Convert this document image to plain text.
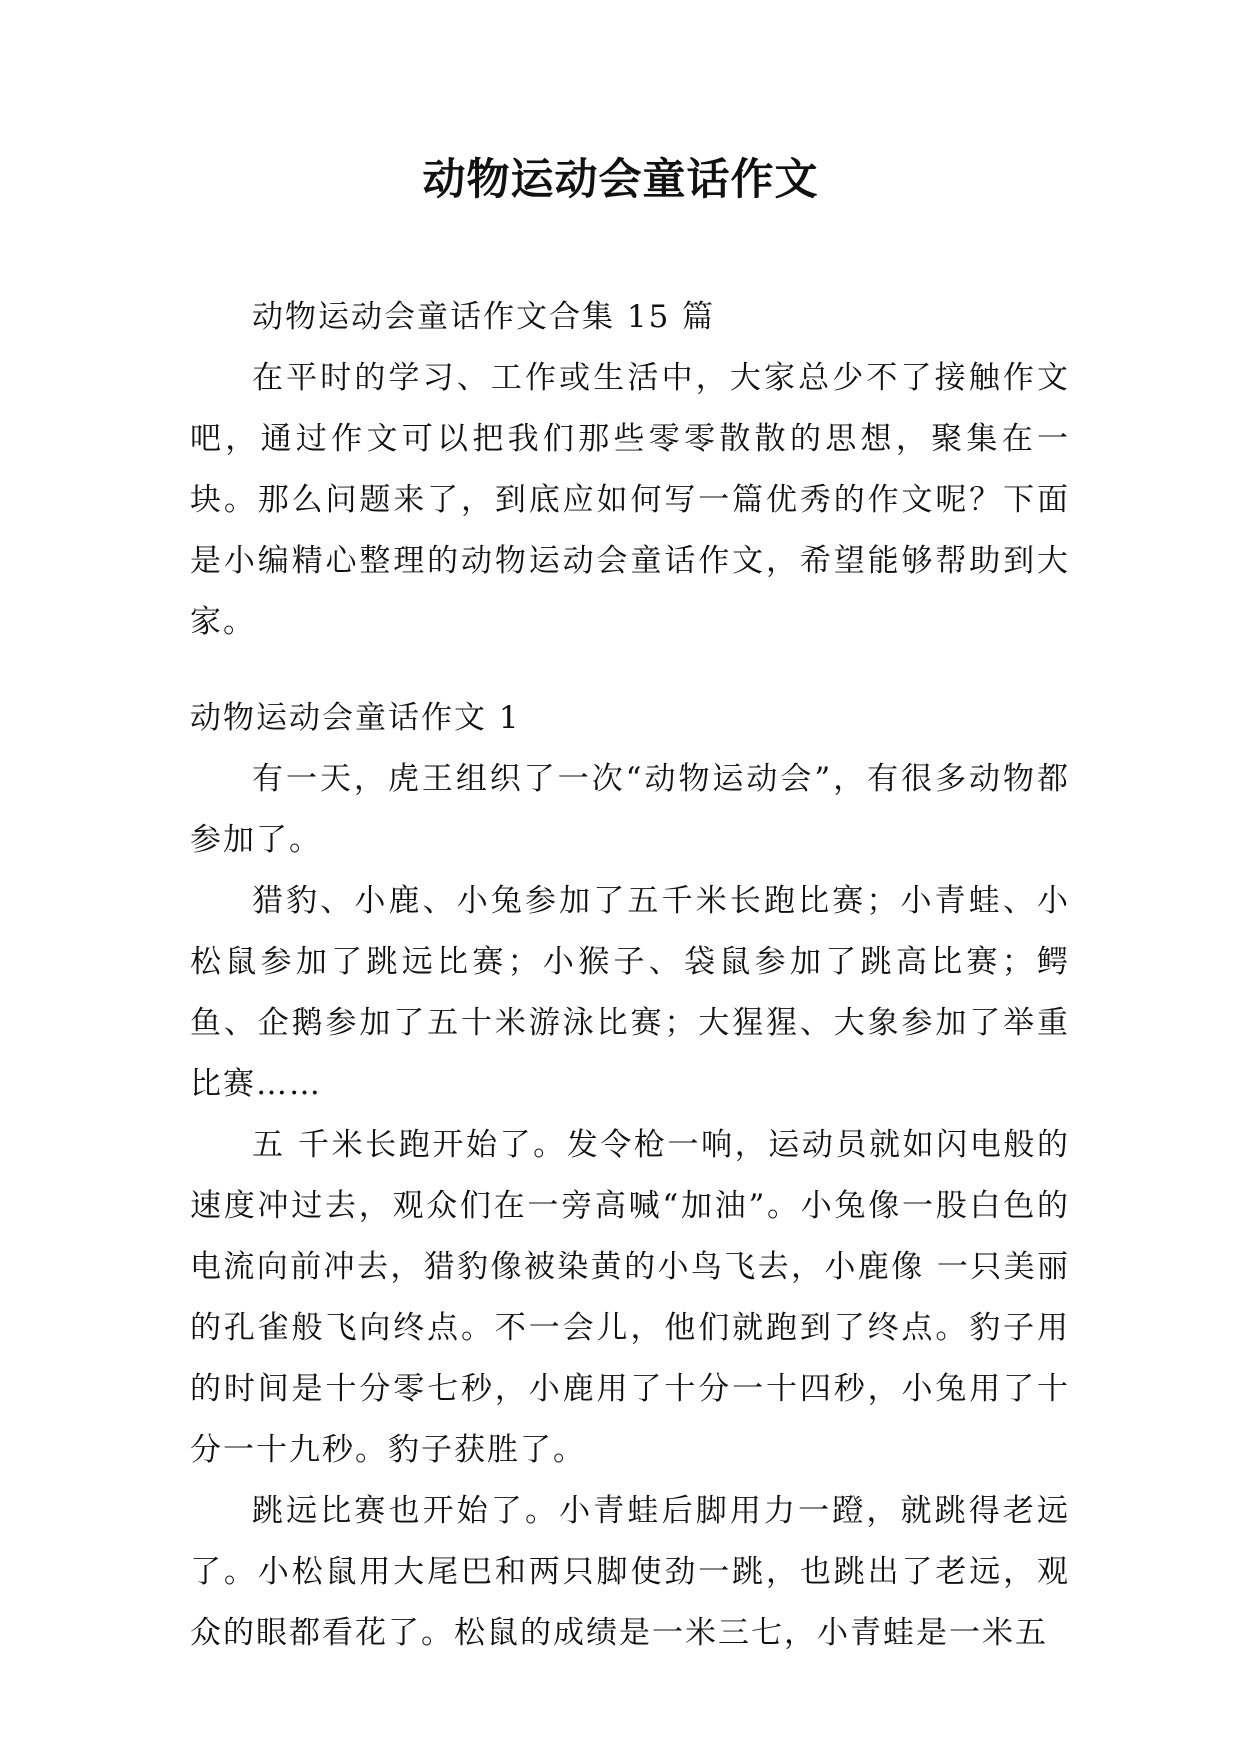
动物运动会童话作文

动物运动会童话作文合集 15 篇

在平时的学习、工作或生活中，大家总少不了接触作文吧，通过作文可以把我们那些零零散散的思想，聚集在一块。那么问题来了，到底应如何写一篇优秀的作文呢？下面是小编精心整理的动物运动会童话作文，希望能够帮助到大家。

动物运动会童话作文 1

有一天，虎王组织了一次“动物运动会”，有很多动物都参加了。

猎豹、小鹿、小兔参加了五千米长跑比赛；小青蛙、小松鼠参加了跳远比赛；小猴子、袋鼠参加了跳高比赛；鳄鱼、企鹅参加了五十米游泳比赛；大猩猩、大象参加了举重比赛……

五 千米长跑开始了。发令枪一响，运动员就如闪电般的速度冲过去，观众们在一旁高喊“加油”。小兔像一股白色的电流向前冲去，猎豹像被染黄的小鸟飞去，小鹿像 一只美丽的孔雀般飞向终点。不一会儿，他们就跑到了终点。豹子用的时间是十分零七秒，小鹿用了十分一十四秒，小兔用了十分一十九秒。豹子获胜了。

跳远比赛也开始了。小青蛙后脚用力一蹬，就跳得老远了。小松鼠用大尾巴和两只脚使劲一跳，也跳出了老远，观众的眼都看花了。松鼠的成绩是一米三七，小青蛙是一米五
